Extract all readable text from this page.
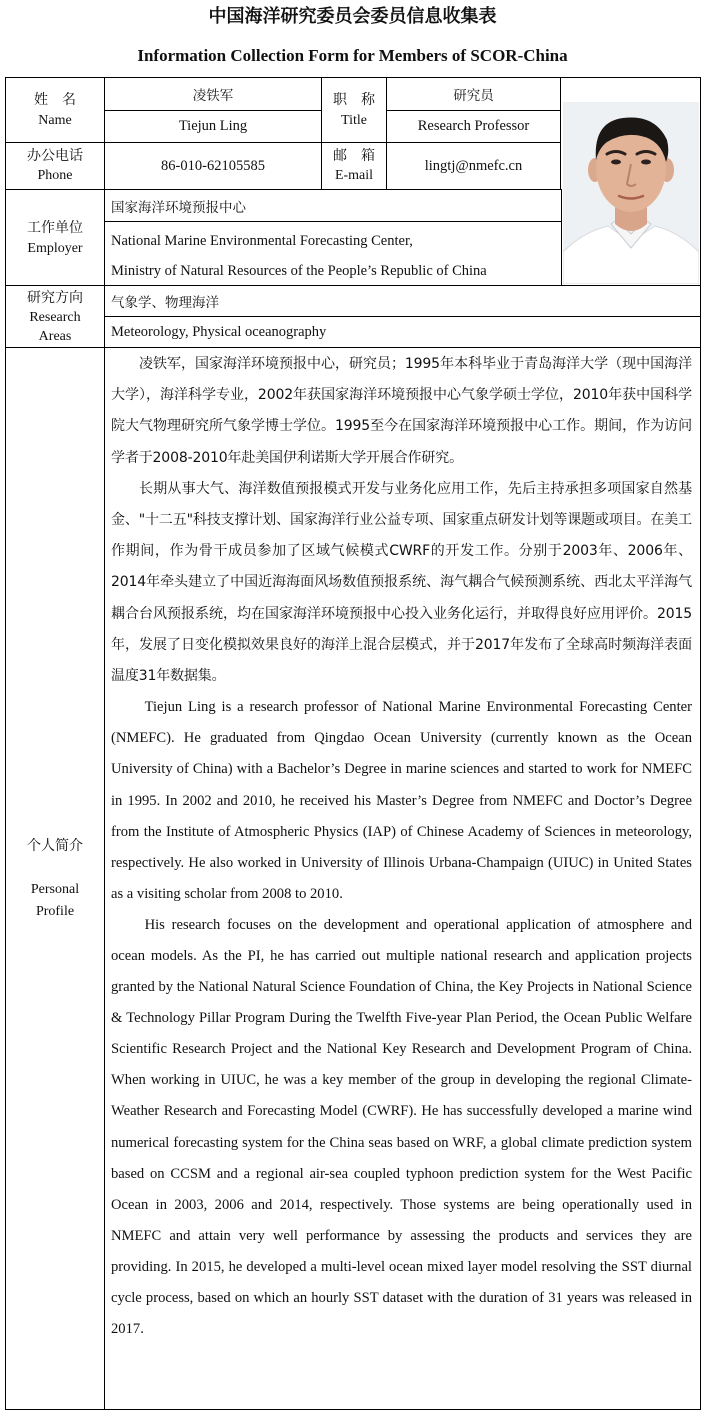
中国海洋研究委员会委员信息收集表
Information Collection Form for Members of SCOR-China
姓　名
Name
凌铁军
Tiejun Ling
职　称
Title
研究员
Research Professor
办公电话
Phone
86-010-62105585
邮　箱
E-mail
lingtj@nmefc.cn
工作单位
Employer
国家海洋环境预报中心
National Marine Environmental Forecasting Center,
Ministry of Natural Resources of the People’s Republic of China
研究方向
Research
Areas
气象学、物理海洋
Meteorology, Physical oceanography
个人简介
Personal
Profile

凌铁军，国家海洋环境预报中心，研究员；1995年本科毕业于青岛海洋大学（现中国海洋大学），海洋科学专业，2002年获国家海洋环境预报中心气象学硕士学位，2010年获中国科学院大气物理研究所气象学博士学位。1995至今在国家海洋环境预报中心工作。期间，作为访问学者于2008-2010年赴美国伊利诺斯大学开展合作研究。

长期从事大气、海洋数值预报模式开发与业务化应用工作，先后主持承担多项国家自然基金、"十二五"科技支撑计划、国家海洋行业公益专项、国家重点研发计划等课题或项目。在美工作期间，作为骨干成员参加了区域气候模式CWRF的开发工作。分别于2003年、2006年、2014年牵头建立了中国近海海面风场数值预报系统、海气耦合气候预测系统、西北太平洋海气耦合台风预报系统，均在国家海洋环境预报中心投入业务化运行，并取得良好应用评价。2015年，发展了日变化模拟效果良好的海洋上混合层模式，并于2017年发布了全球高时频海洋表面温度31年数据集。

Tiejun Ling is a research professor of National Marine Environmental Forecasting Center (NMEFC). He graduated from Qingdao Ocean University (currently known as the Ocean University of China) with a Bachelor’s Degree in marine sciences and started to work for NMEFC in 1995. In 2002 and 2010, he received his Master’s Degree from NMEFC and Doctor’s Degree from the Institute of Atmospheric Physics (IAP) of Chinese Academy of Sciences in meteorology, respectively. He also worked in University of Illinois Urbana-Champaign (UIUC) in United States as a visiting scholar from 2008 to 2010.

His research focuses on the development and operational application of atmosphere and ocean models. As the PI, he has carried out multiple national research and application projects granted by the National Natural Science Foundation of China, the Key Projects in National Science & Technology Pillar Program During the Twelfth Five-year Plan Period, the Ocean Public Welfare Scientific Research Project and the National Key Research and Development Program of China. When working in UIUC, he was a key member of the group in developing the regional Climate-Weather Research and Forecasting Model (CWRF). He has successfully developed a marine wind numerical forecasting system for the China seas based on WRF, a global climate prediction system based on CCSM and a regional air-sea coupled typhoon prediction system for the West Pacific Ocean in 2003, 2006 and 2014, respectively. Those systems are being operationally used in NMEFC and attain very well performance by assessing the products and services they are providing. In 2015, he developed a multi-level ocean mixed layer model resolving the SST diurnal cycle process, based on which an hourly SST dataset with the duration of 31 years was released in 2017.
